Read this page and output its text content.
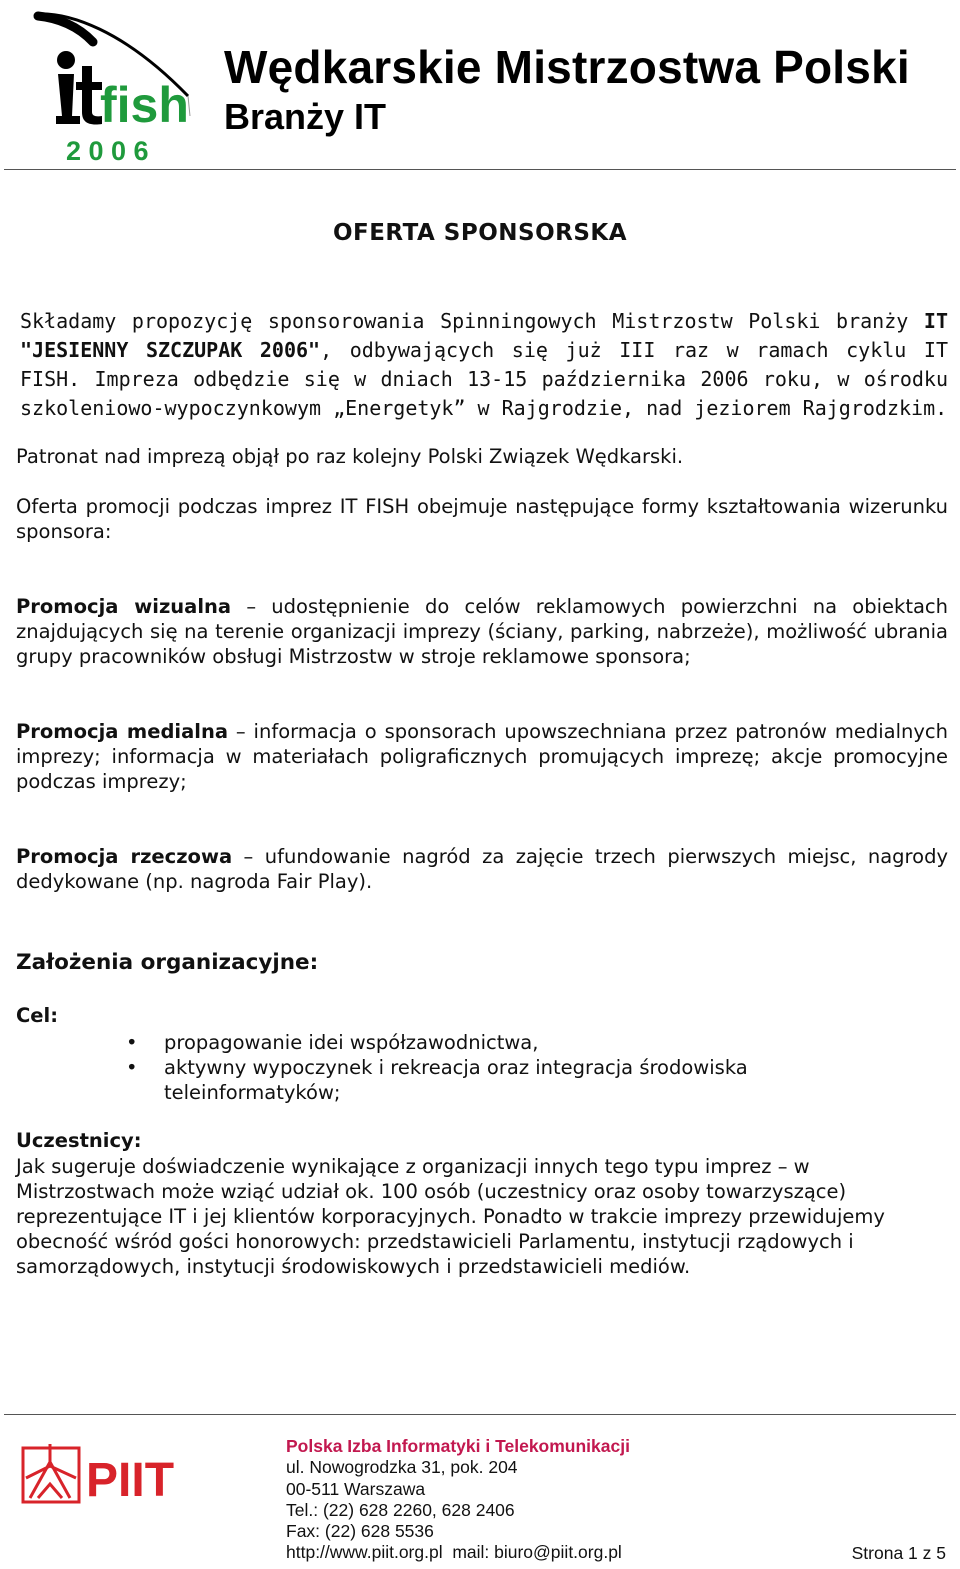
fish
2 0 0 6
Wędkarskie Mistrzostwa Polski
Branży IT
OFERTA SPONSORSKA

Składamy propozycję sponsorowania Spinningowych Mistrzostw Polski branży IT "JESIENNY SZCZUPAK 2006", odbywających się już III raz w ramach cyklu IT FISH. Impreza odbędzie się w dniach 13-15 października 2006 roku, w ośrodku szkoleniowo-wypoczynkowym „Energetyk” w Rajgrodzie, nad jeziorem Rajgrodzkim.

Patronat nad imprezą objął po raz kolejny Polski Związek Wędkarski.

Oferta promocji podczas imprez IT FISH obejmuje następujące formy kształtowania wizerunku sponsora:

Promocja wizualna – udostępnienie do celów reklamowych powierzchni na obiektach znajdujących się na terenie organizacji imprezy (ściany, parking, nabrzeże), możliwość ubrania grupy pracowników obsługi Mistrzostw w stroje reklamowe sponsora;

Promocja medialna – informacja o sponsorach upowszechniana przez patronów medialnych imprezy; informacja w materiałach poligraficznych promujących imprezę; akcje promocyjne podczas imprezy;

Promocja rzeczowa – ufundowanie nagród za zajęcie trzech pierwszych miejsc, nagrody dedykowane (np. nagroda Fair Play).

Założenia organizacyjne:
Cel:
• propagowanie idei współzawodnictwa,
• aktywny wypoczynek i rekreacja oraz integracja środowiska teleinformatyków;
Uczestnicy:

Jak sugeruje doświadczenie wynikające z organizacji innych tego typu imprez – w Mistrzostwach może wziąć udział ok. 100 osób (uczestnicy oraz osoby towarzyszące) reprezentujące IT i jej klientów korporacyjnych. Ponadto w trakcie imprezy przewidujemy obecność wśród gości honorowych: przedstawicieli Parlamentu, instytucji rządowych i samorządowych, instytucji środowiskowych i przedstawicieli mediów.

PIIT
Polska Izba Informatyki i Telekomunikacji
ul. Nowogrodzka 31, pok. 204
00-511 Warszawa
Tel.: (22) 628 2260, 628 2406
Fax: (22) 628 5536
http://www.piit.org.pl  mail: biuro@piit.org.pl	Strona 1 z 5
